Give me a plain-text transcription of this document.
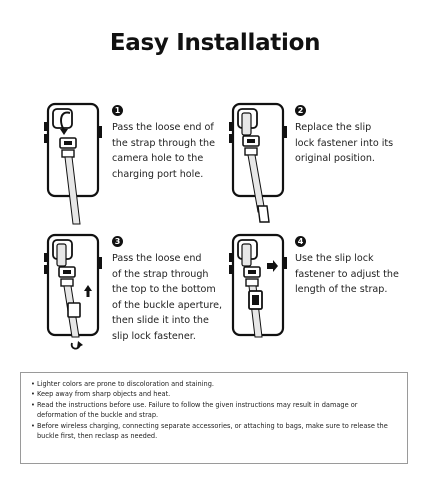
Easy Installation
1
Pass the loose end of
the strap through the
camera hole to the
charging port hole.
2
Replace the slip
lock fastener into its
original position.
3
Pass the loose end
of the strap through
the top to the bottom
of the buckle aperture,
then slide it into the
slip lock fastener.
4
Use the slip lock
fastener to adjust the
length of the strap.
• Lighter colors are prone to discoloration and staining.
• Keep away from sharp objects and heat.
• Read the instructions before use. Failure to follow the given instructions may result in damage or deformation of the buckle and strap.
• Before wireless charging, connecting separate accessories, or attaching to bags, make sure to release the buckle first, then reclasp as needed.
